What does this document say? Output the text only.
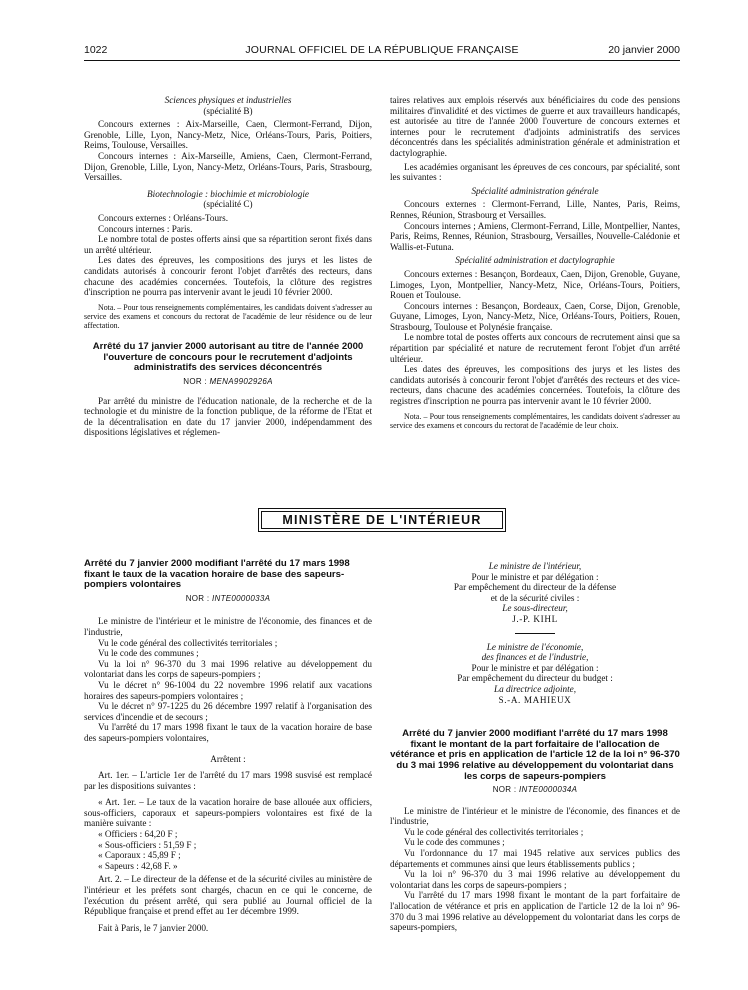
1022	JOURNAL OFFICIEL DE LA RÉPUBLIQUE FRANÇAISE	20 janvier 2000

Sciences physiques et industrielles

(spécialité B)

Concours externes : Aix-Marseille, Caen, Clermont-Ferrand, Dijon, Grenoble, Lille, Lyon, Nancy-Metz, Nice, Orléans-Tours, Paris, Poitiers, Reims, Toulouse, Versailles.

Concours internes : Aix-Marseille, Amiens, Caen, Clermont-Ferrand, Dijon, Grenoble, Lille, Lyon, Nancy-Metz, Orléans-Tours, Paris, Strasbourg, Versailles.

Biotechnologie : biochimie et microbiologie

(spécialité C)

Concours externes : Orléans-Tours.

Concours internes : Paris.

Le nombre total de postes offerts ainsi que sa répartition seront fixés dans un arrêté ultérieur.

Les dates des épreuves, les compositions des jurys et les listes de candidats autorisés à concourir feront l'objet d'arrêtés des recteurs, dans chacune des académies concernées. Toutefois, la clôture des registres d'inscription ne pourra pas intervenir avant le jeudi 10 février 2000.

Nota. – Pour tous renseignements complémentaires, les candidats doivent s'adresser au service des examens et concours du rectorat de l'académie de leur résidence ou de leur affectation.

Arrêté du 17 janvier 2000 autorisant au titre de l'année 2000 l'ouverture de concours pour le recrutement d'adjoints administratifs des services déconcentrés
NOR : MENA9902926A

Par arrêté du ministre de l'éducation nationale, de la recherche et de la technologie et du ministre de la fonction publique, de la réforme de l'Etat et de la décentralisation en date du 17 janvier 2000, indépendamment des dispositions législatives et réglemen-

taires relatives aux emplois réservés aux bénéficiaires du code des pensions militaires d'invalidité et des victimes de guerre et aux travailleurs handicapés, est autorisée au titre de l'année 2000 l'ouverture de concours externes et internes pour le recrutement d'adjoints administratifs des services déconcentrés dans les spécialités administration générale et administration et dactylographie.

Les académies organisant les épreuves de ces concours, par spécialité, sont les suivantes :

Spécialité administration générale

Concours externes : Clermont-Ferrand, Lille, Nantes, Paris, Reims, Rennes, Réunion, Strasbourg et Versailles.

Concours internes ; Amiens, Clermont-Ferrand, Lille, Montpellier, Nantes, Paris, Reims, Rennes, Réunion, Strasbourg, Versailles, Nouvelle-Calédonie et Wallis-et-Futuna.

Spécialité administration et dactylographie

Concours externes : Besançon, Bordeaux, Caen, Dijon, Grenoble, Guyane, Limoges, Lyon, Montpellier, Nancy-Metz, Nice, Orléans-Tours, Poitiers, Rouen et Toulouse.

Concours internes : Besançon, Bordeaux, Caen, Corse, Dijon, Grenoble, Guyane, Limoges, Lyon, Nancy-Metz, Nice, Orléans-Tours, Poitiers, Rouen, Strasbourg, Toulouse et Polynésie française.

Le nombre total de postes offerts aux concours de recrutement ainsi que sa répartition par spécialité et nature de recrutement feront l'objet d'un arrêté ultérieur.

Les dates des épreuves, les compositions des jurys et les listes des candidats autorisés à concourir feront l'objet d'arrêtés des recteurs et des vice-recteurs, dans chacune des académies concernées. Toutefois, la clôture des registres d'inscription ne pourra pas intervenir avant le 10 février 2000.

Nota. – Pour tous renseignements complémentaires, les candidats doivent s'adresser au service des examens et concours du rectorat de l'académie de leur choix.

MINISTÈRE DE L'INTÉRIEUR
Arrêté du 7 janvier 2000 modifiant l'arrêté du 17 mars 1998 fixant le taux de la vacation horaire de base des sapeurs-pompiers volontaires
NOR : INTE0000033A

Le ministre de l'intérieur et le ministre de l'économie, des finances et de l'industrie,

Vu le code général des collectivités territoriales ;

Vu le code des communes ;

Vu la loi n° 96-370 du 3 mai 1996 relative au développement du volontariat dans les corps de sapeurs-pompiers ;

Vu le décret n° 96-1004 du 22 novembre 1996 relatif aux vacations horaires des sapeurs-pompiers volontaires ;

Vu le décret n° 97-1225 du 26 décembre 1997 relatif à l'organisation des services d'incendie et de secours ;

Vu l'arrêté du 17 mars 1998 fixant le taux de la vacation horaire de base des sapeurs-pompiers volontaires,

Arrêtent :

Art. 1er. – L'article 1er de l'arrêté du 17 mars 1998 susvisé est remplacé par les dispositions suivantes :

« Art. 1er. – Le taux de la vacation horaire de base allouée aux officiers, sous-officiers, caporaux et sapeurs-pompiers volontaires est fixé de la manière suivante :

« Officiers : 64,20 F ;

« Sous-officiers : 51,59 F ;

« Caporaux : 45,89 F ;

« Sapeurs : 42,68 F. »

Art. 2. – Le directeur de la défense et de la sécurité civiles au ministère de l'intérieur et les préfets sont chargés, chacun en ce qui le concerne, de l'exécution du présent arrêté, qui sera publié au Journal officiel de la République française et prend effet au 1er décembre 1999.

Fait à Paris, le 7 janvier 2000.

Le ministre de l'intérieur,
Pour le ministre et par délégation :
Par empêchement du directeur de la défense
et de la sécurité civiles :
Le sous-directeur,
J.-P. KIHL
Le ministre de l'économie,
des finances et de l'industrie,
Pour le ministre et par délégation :
Par empêchement du directeur du budget :
La directrice adjointe,
S.-A. MAHIEUX
Arrêté du 7 janvier 2000 modifiant l'arrêté du 17 mars 1998 fixant le montant de la part forfaitaire de l'allocation de vétérance et pris en application de l'article 12 de la loi n° 96-370 du 3 mai 1996 relative au développement du volontariat dans les corps de sapeurs-pompiers
NOR : INTE0000034A

Le ministre de l'intérieur et le ministre de l'économie, des finances et de l'industrie,

Vu le code général des collectivités territoriales ;

Vu le code des communes ;

Vu l'ordonnance du 17 mai 1945 relative aux services publics des départements et communes ainsi que leurs établissements publics ;

Vu la loi n° 96-370 du 3 mai 1996 relative au développement du volontariat dans les corps de sapeurs-pompiers ;

Vu l'arrêté du 17 mars 1998 fixant le montant de la part forfaitaire de l'allocation de vétérance et pris en application de l'article 12 de la loi n° 96-370 du 3 mai 1996 relative au développement du volontariat dans les corps de sapeurs-pompiers,
